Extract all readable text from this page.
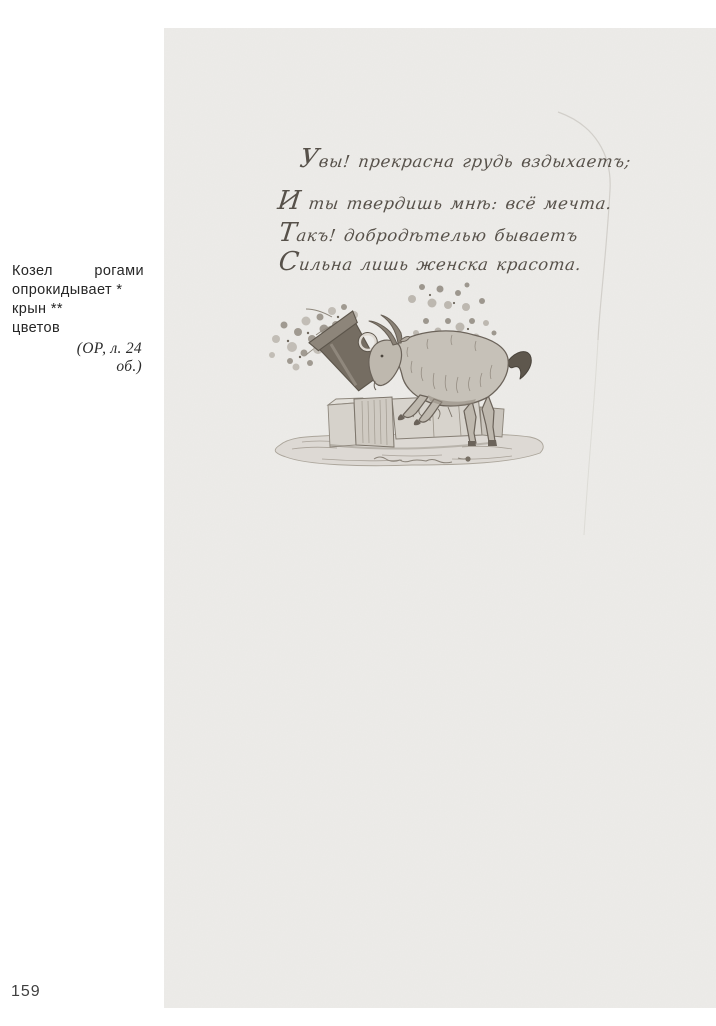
Козел	рогами
опрокидывает *
крын **
цветов
(ОР, л. 24
об.)
Увы! прекрасна грудь вздыхаетъ;
И ты твердишь мнѣ: всё мечта.
Такъ! добродѣтелью бываетъ
Сильна лишь женска красота.
159
